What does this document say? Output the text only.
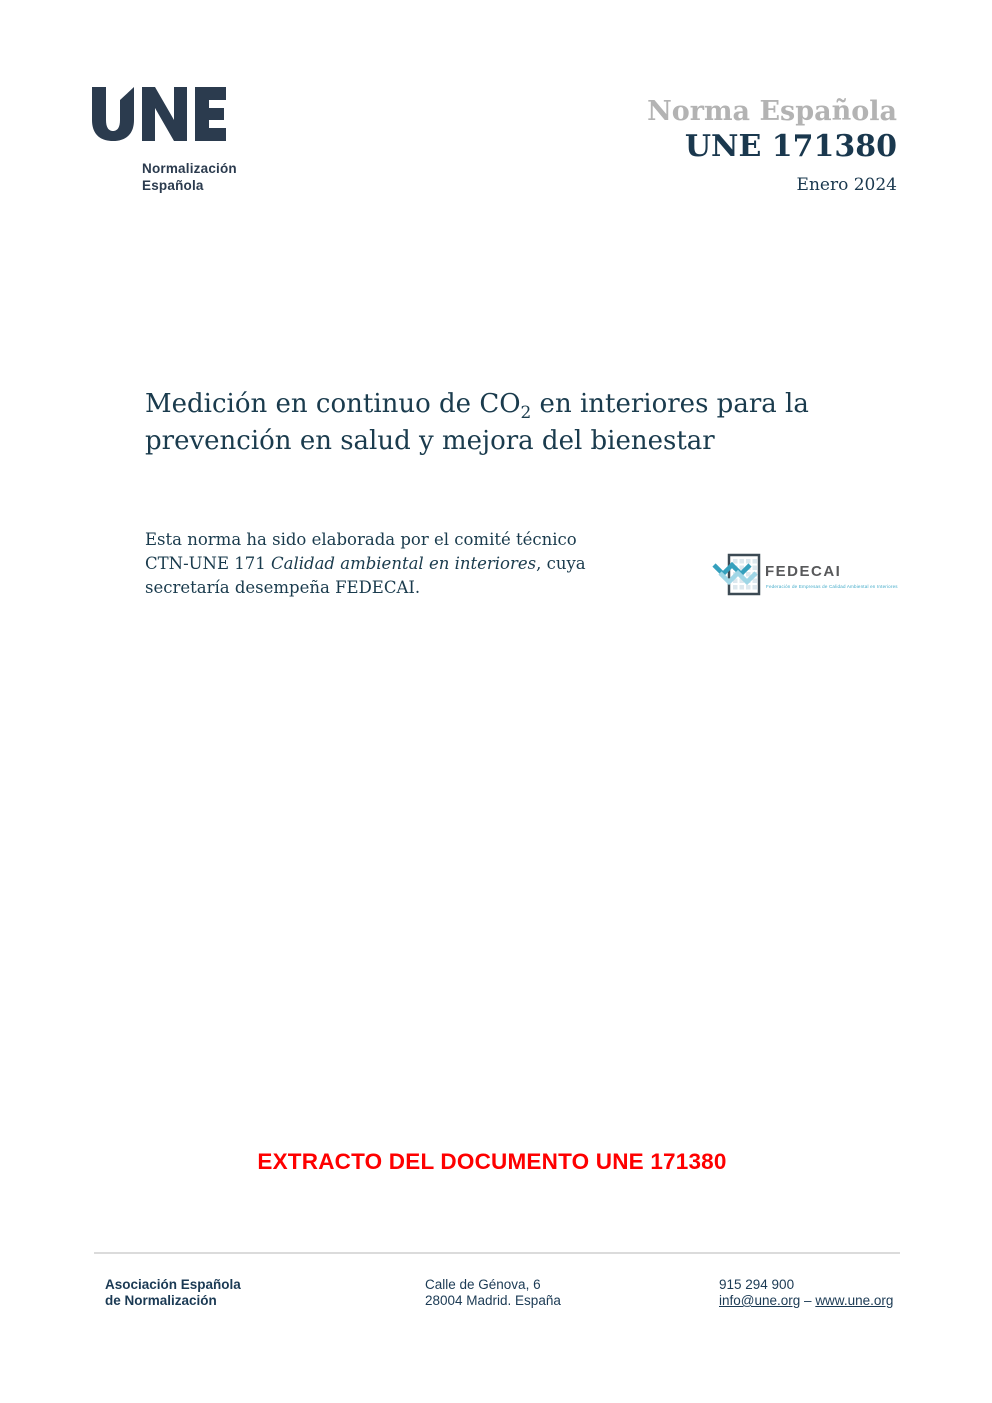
Normalización
Española
Norma Española
UNE 171380
Enero 2024
Medición en continuo de $CO_2$ en interiores para la
prevención en salud y mejora del bienestar
Esta norma ha sido elaborada por el comité técnico
CTN-UNE 171 Calidad ambiental en interiores, cuya
secretaría desempeña FEDECAI.
FEDECAI
Federación de Empresas de Calidad Ambiental en Interiores
EXTRACTO DEL DOCUMENTO UNE 171380
Asociación Española
de Normalización
Calle de Génova, 6
28004 Madrid. España
915 294 900
info@une.org – www.une.org
